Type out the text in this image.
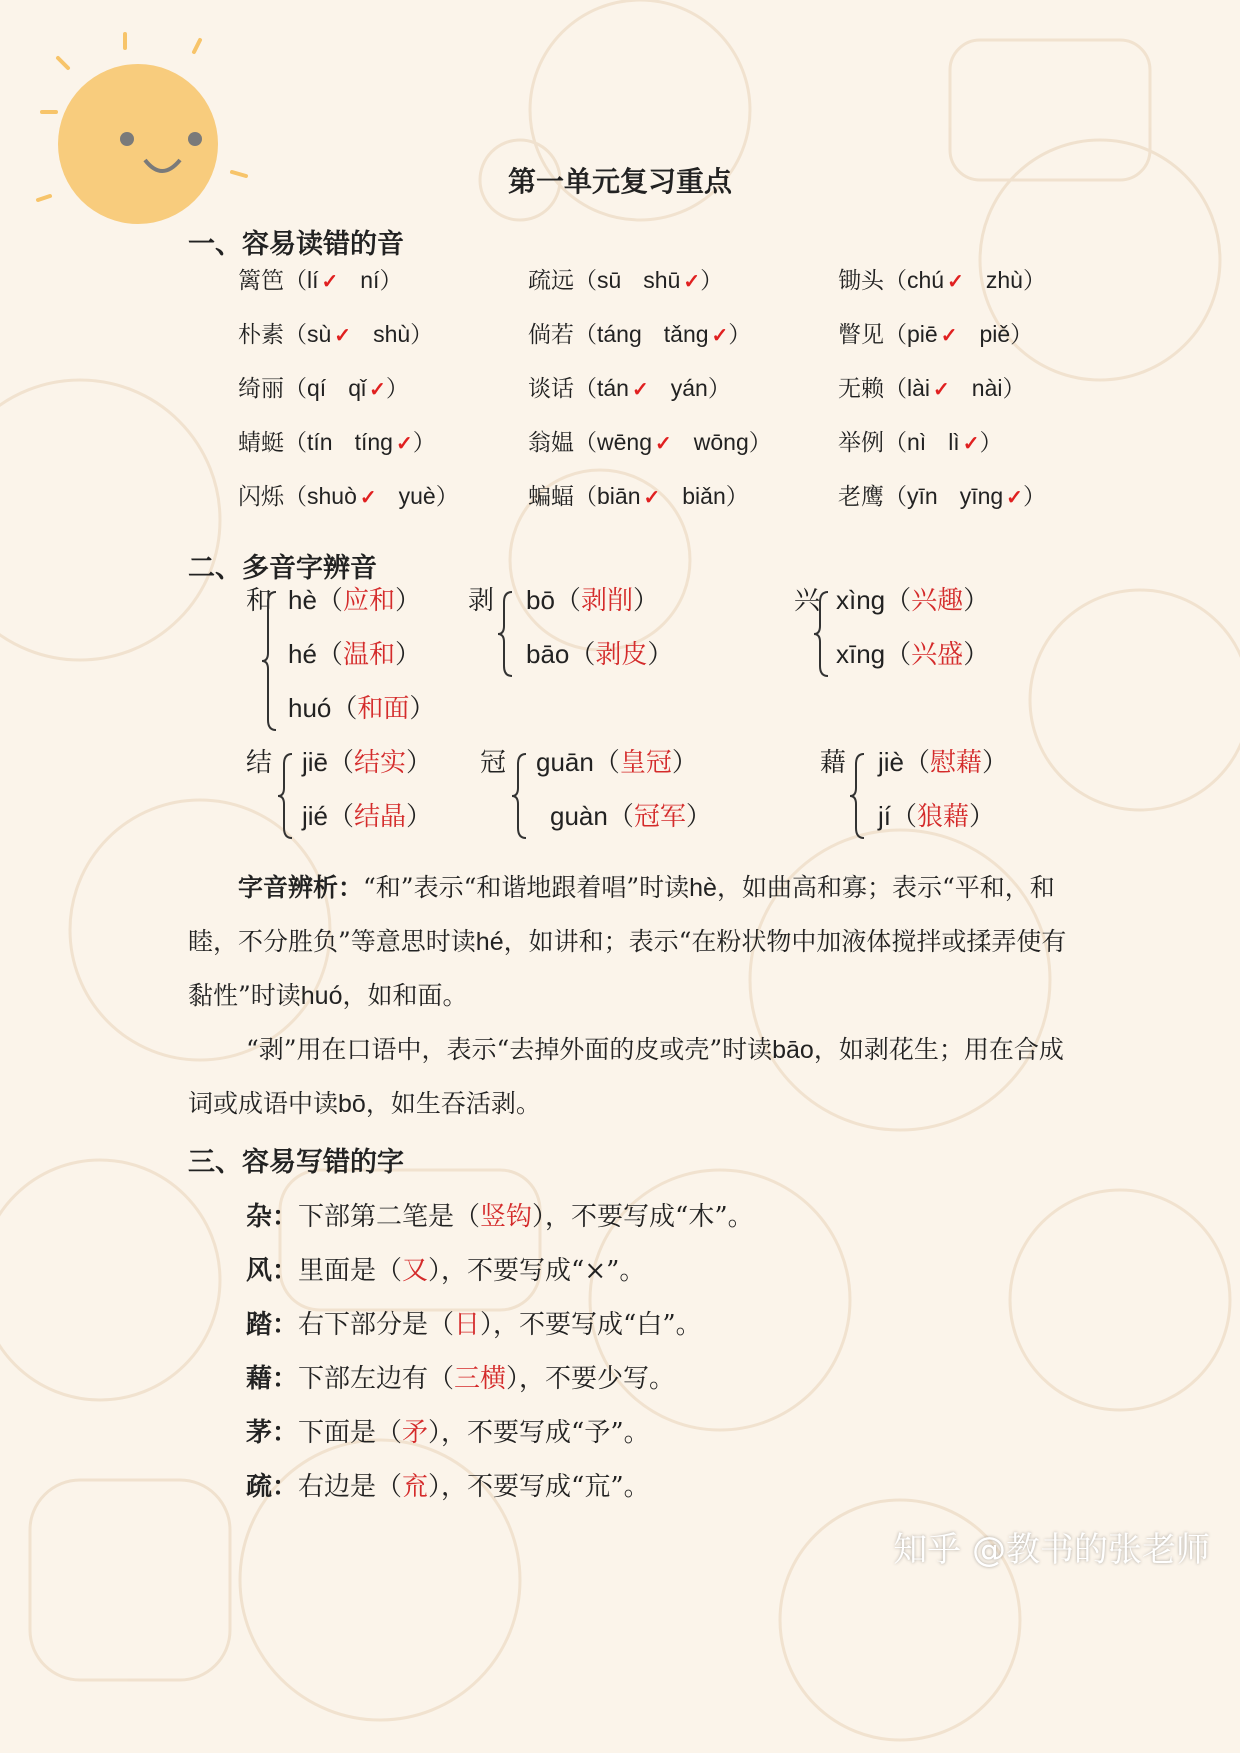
第一单元复习重点
一、容易读错的音
篱笆（lí ✓ ní）	疏远（sū shū ✓）	锄头（chú ✓ zhù）
朴素（sù ✓ shù）	倘若（táng tǎng ✓）	瞥见（piē ✓ piě）
绮丽（qí qǐ ✓）	谈话（tán ✓ yán）	无赖（lài ✓ nài）
蜻蜓（tín tíng ✓）	翁媪（wēng ✓ wōng）	举例（nì lì ✓）
闪烁（shuò ✓ yuè）	蝙蝠（biān ✓ biǎn）	老鹰（yīn yīng ✓）
二、多音字辨音
和 hè（应和）
hé（温和）
huó（和面）
剥 bō（剥削）
bāo（剥皮）
兴 xìng（兴趣）
xīng（兴盛）
结 jiē（结实）
jié（结晶）
冠 guān（皇冠）
guàn（冠军）
藉 jiè（慰藉）
jí（狼藉）
　　字音辨析：“和”表示“和谐地跟着唱”时读hè，如曲高和寡；表示“平和，和睦，不分胜负”等意思时读hé，如讲和；表示“在粉状物中加液体搅拌或揉弄使有黏性”时读huó，如和面。
“剥”用在口语中，表示“去掉外面的皮或壳”时读bāo，如剥花生；用在合成词或成语中读bō，如生吞活剥。
三、容易写错的字
杂：下部第二笔是（竖钩），不要写成“木”。
风：里面是（又），不要写成“×”。
踏：右下部分是（日），不要写成“白”。
藉：下部左边有（三横），不要少写。
茅：下面是（矛），不要写成“予”。
疏：右边是（㐬），不要写成“巟”。
知乎 @教书的张老师
